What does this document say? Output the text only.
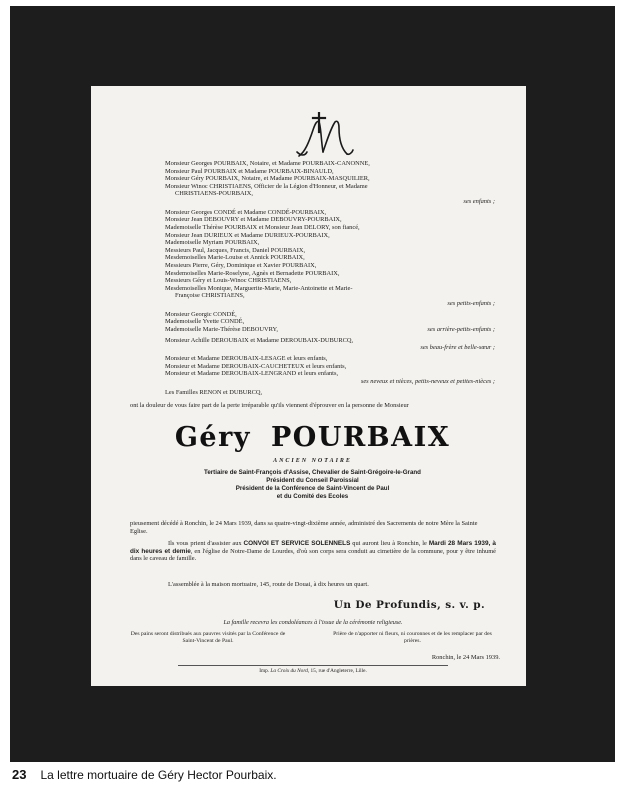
Monsieur Georges POURBAIX, Notaire, et Madame POURBAIX-CANONNE,
Monsieur Paul POURBAIX et Madame POURBAIX-BINAULD,
Monsieur Géry POURBAIX, Notaire, et Madame POURBAIX-MASQUILIER,
Monsieur Winoc CHRISTIAENS, Officier de la Légion d'Honneur, et Madame
CHRISTIAENS-POURBAIX,
ses enfants ;
Monsieur Georges CONDÉ et Madame CONDÉ-POURBAIX,
Monsieur Jean DEBOUVRY et Madame DEBOUVRY-POURBAIX,
Mademoiselle Thérèse POURBAIX et Monsieur Jean DELORY, son fiancé,
Monsieur Jean DURIEUX et Madame DURIEUX-POURBAIX,
Mademoiselle Myriam POURBAIX,
Messieurs Paul, Jacques, Francis, Daniel POURBAIX,
Mesdemoiselles Marie-Louise et Annick POURBAIX,
Messieurs Pierre, Géry, Dominique et Xavier POURBAIX,
Mesdemoiselles Marie-Roselyne, Agnès et Bernadette POURBAIX,
Messieurs Géry et Louis-Winoc CHRISTIAENS,
Mesdemoiselles Monique, Marguerite-Marie, Marie-Antoinette et Marie-
Françoise CHRISTIAENS,
ses petits-enfants ;
Monsieur Georgic CONDÉ,
Mademoiselle Yvette CONDÉ,
Mademoiselle Marie-Thérèse DEBOUVRY,	ses arrière-petits-enfants ;
Monsieur Achille DEROUBAIX et Madame DEROUBAIX-DUBURCQ,
ses beau-frère et belle-sœur ;
Monsieur et Madame DEROUBAIX-LESAGE et leurs enfants,
Monsieur et Madame DEROUBAIX-CAUCHETEUX et leurs enfants,
Monsieur et Madame DEROUBAIX-LENGRAND et leurs enfants,
ses neveux et nièces, petits-neveux et petites-nièces ;
Les Familles RENON et DUBURCQ,
ont la douleur de vous faire part de la perte irréparable qu'ils viennent d'éprouver en la personne de Monsieur
Géry POURBAIX
ANCIEN NOTAIRE
Tertiaire de Saint-François d'Assise, Chevalier de Saint-Grégoire-le-Grand
Président du Conseil Paroissial
Président de la Conférence de Saint-Vincent de Paul
et du Comité des Ecoles
pieusement décédé à Ronchin, le 24 Mars 1939, dans sa quatre-vingt-dixième année, administré des Sacrements de notre Mère la Sainte Eglise.
Ils vous prient d'assister aux CONVOI ET SERVICE SOLENNELS qui auront lieu à Ronchin, le Mardi 28 Mars 1939, à dix heures et demie, en l'église de Notre-Dame de Lourdes, d'où son corps sera conduit au cimetière de la commune, pour y être inhumé dans le caveau de famille.
L'assemblée à la maison mortuaire, 145, route de Douai, à dix heures un quart.
Un De Profundis, s. v. p.
La famille recevra les condoléances à l'issue de la cérémonie religieuse.
Des pains seront distribués aux pauvres visités par la Conférence de Saint-Vincent de Paul.
Prière de n'apporter ni fleurs, ni couronnes et de les remplacer par des prières.
Ronchin, le 24 Mars 1939.
Imp. La Croix du Nord, 15, rue d'Angleterre, Lille.
23 La lettre mortuaire de Géry Hector Pourbaix.
